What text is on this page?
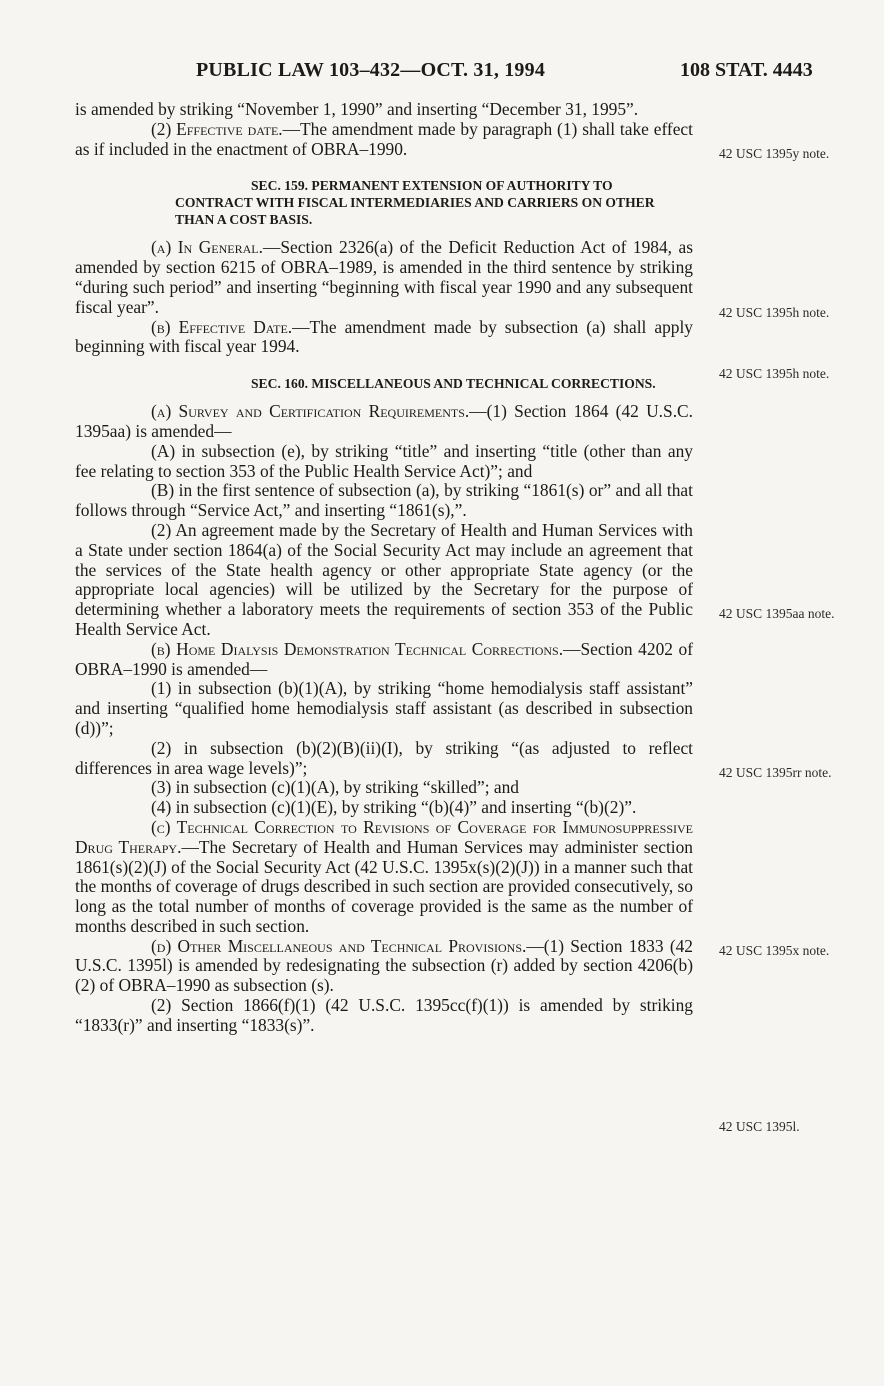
PUBLIC LAW 103–432—OCT. 31, 1994	108 STAT. 4443

is amended by striking “November 1, 1990” and inserting “December 31, 1995”.

(2) Effective date.—The amendment made by paragraph (1) shall take effect as if included in the enactment of OBRA–1990.

SEC. 159. PERMANENT EXTENSION OF AUTHORITY TO CONTRACT WITH FISCAL INTERMEDIARIES AND CARRIERS ON OTHER THAN A COST BASIS.

(a) In General.—Section 2326(a) of the Deficit Reduction Act of 1984, as amended by section 6215 of OBRA–1989, is amended in the third sentence by striking “during such period” and inserting “beginning with fiscal year 1990 and any subsequent fiscal year”.

(b) Effective Date.—The amendment made by subsection (a) shall apply beginning with fiscal year 1994.

SEC. 160. MISCELLANEOUS AND TECHNICAL CORRECTIONS.

(a) Survey and Certification Requirements.—(1) Section 1864 (42 U.S.C. 1395aa) is amended—

(A) in subsection (e), by striking “title” and inserting “title (other than any fee relating to section 353 of the Public Health Service Act)”; and

(B) in the first sentence of subsection (a), by striking “1861(s) or” and all that follows through “Service Act,” and inserting “1861(s),”.

(2) An agreement made by the Secretary of Health and Human Services with a State under section 1864(a) of the Social Security Act may include an agreement that the services of the State health agency or other appropriate State agency (or the appropriate local agencies) will be utilized by the Secretary for the purpose of determining whether a laboratory meets the requirements of section 353 of the Public Health Service Act.

(b) Home Dialysis Demonstration Technical Corrections.—Section 4202 of OBRA–1990 is amended—

(1) in subsection (b)(1)(A), by striking “home hemodialysis staff assistant” and inserting “qualified home hemodialysis staff assistant (as described in subsection (d))”;

(2) in subsection (b)(2)(B)(ii)(I), by striking “(as adjusted to reflect differences in area wage levels)”;

(3) in subsection (c)(1)(A), by striking “skilled”; and

(4) in subsection (c)(1)(E), by striking “(b)(4)” and inserting “(b)(2)”.

(c) Technical Correction to Revisions of Coverage for Immunosuppressive Drug Therapy.—The Secretary of Health and Human Services may administer section 1861(s)(2)(J) of the Social Security Act (42 U.S.C. 1395x(s)(2)(J)) in a manner such that the months of coverage of drugs described in such section are provided consecutively, so long as the total number of months of coverage provided is the same as the number of months described in such section.

(d) Other Miscellaneous and Technical Provisions.—(1) Section 1833 (42 U.S.C. 1395l) is amended by redesignating the subsection (r) added by section 4206(b)(2) of OBRA–1990 as subsection (s).

(2) Section 1866(f)(1) (42 U.S.C. 1395cc(f)(1)) is amended by striking “1833(r)” and inserting “1833(s)”.

42 USC 1395y note.
42 USC 1395h note.
42 USC 1395h note.
42 USC 1395aa note.
42 USC 1395rr note.
42 USC 1395x note.
42 USC 1395l.
